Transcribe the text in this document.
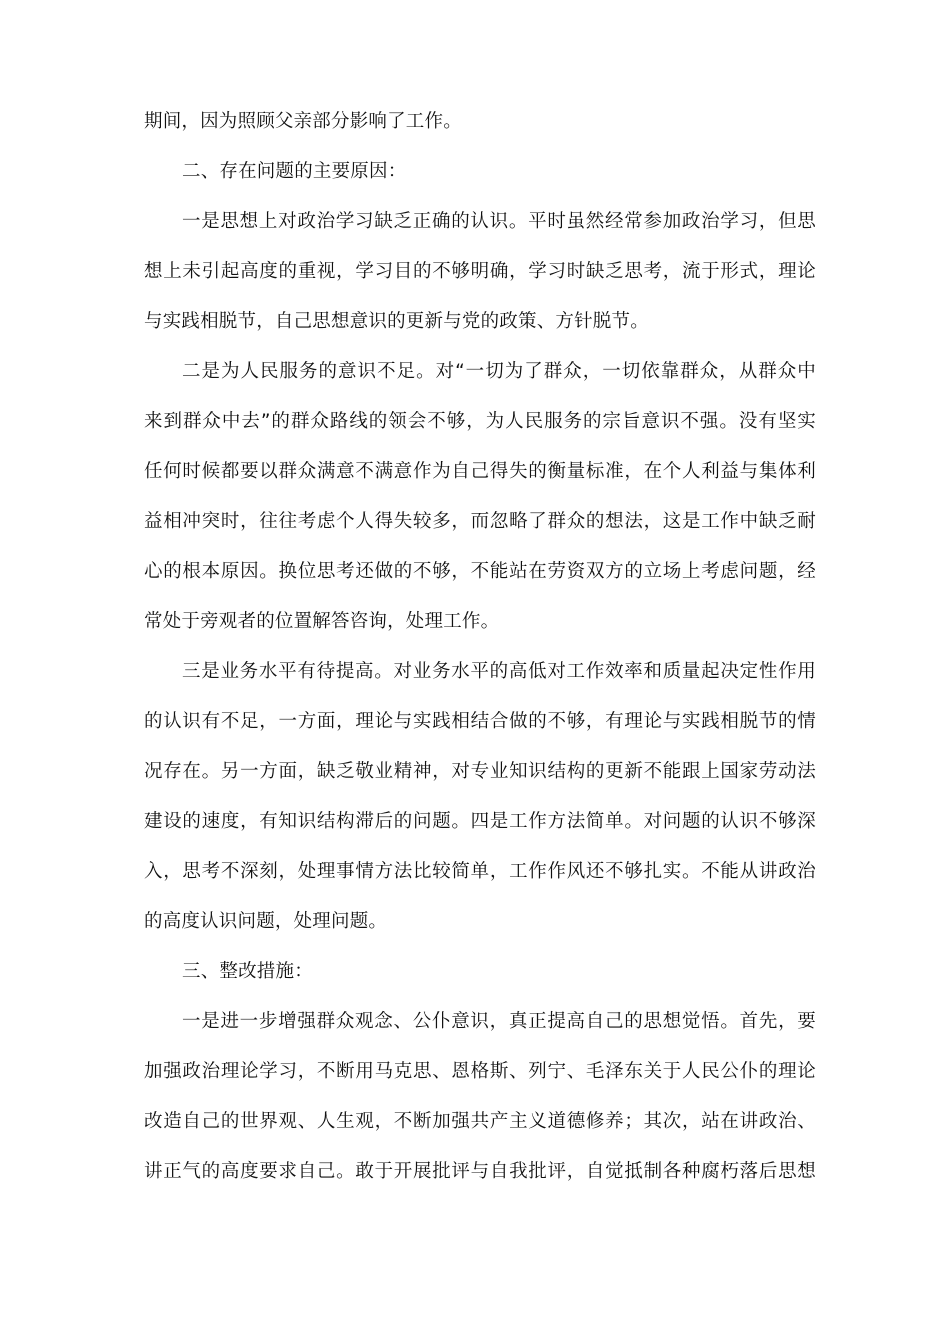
期间，因为照顾父亲部分影响了工作。
二、存在问题的主要原因：
一是思想上对政治学习缺乏正确的认识。平时虽然经常参加政治学习，但思
想上未引起高度的重视，学习目的不够明确，学习时缺乏思考，流于形式，理论
与实践相脱节，自己思想意识的更新与党的政策、方针脱节。
二是为人民服务的意识不足。对“一切为了群众，一切依靠群众，从群众中
来到群众中去”的群众路线的领会不够，为人民服务的宗旨意识不强。没有坚实
任何时候都要以群众满意不满意作为自己得失的衡量标准，在个人利益与集体利
益相冲突时，往往考虑个人得失较多，而忽略了群众的想法，这是工作中缺乏耐
心的根本原因。换位思考还做的不够，不能站在劳资双方的立场上考虑问题，经
常处于旁观者的位置解答咨询，处理工作。
三是业务水平有待提高。对业务水平的高低对工作效率和质量起决定性作用
的认识有不足，一方面，理论与实践相结合做的不够，有理论与实践相脱节的情
况存在。另一方面，缺乏敬业精神，对专业知识结构的更新不能跟上国家劳动法
建设的速度，有知识结构滞后的问题。四是工作方法简单。对问题的认识不够深
入，思考不深刻，处理事情方法比较简单，工作作风还不够扎实。不能从讲政治
的高度认识问题，处理问题。
三、整改措施：
一是进一步增强群众观念、公仆意识，真正提高自己的思想觉悟。首先，要
加强政治理论学习，不断用马克思、恩格斯、列宁、毛泽东关于人民公仆的理论
改造自己的世界观、人生观，不断加强共产主义道德修养；其次，站在讲政治、
讲正气的高度要求自己。敢于开展批评与自我批评，自觉抵制各种腐朽落后思想
